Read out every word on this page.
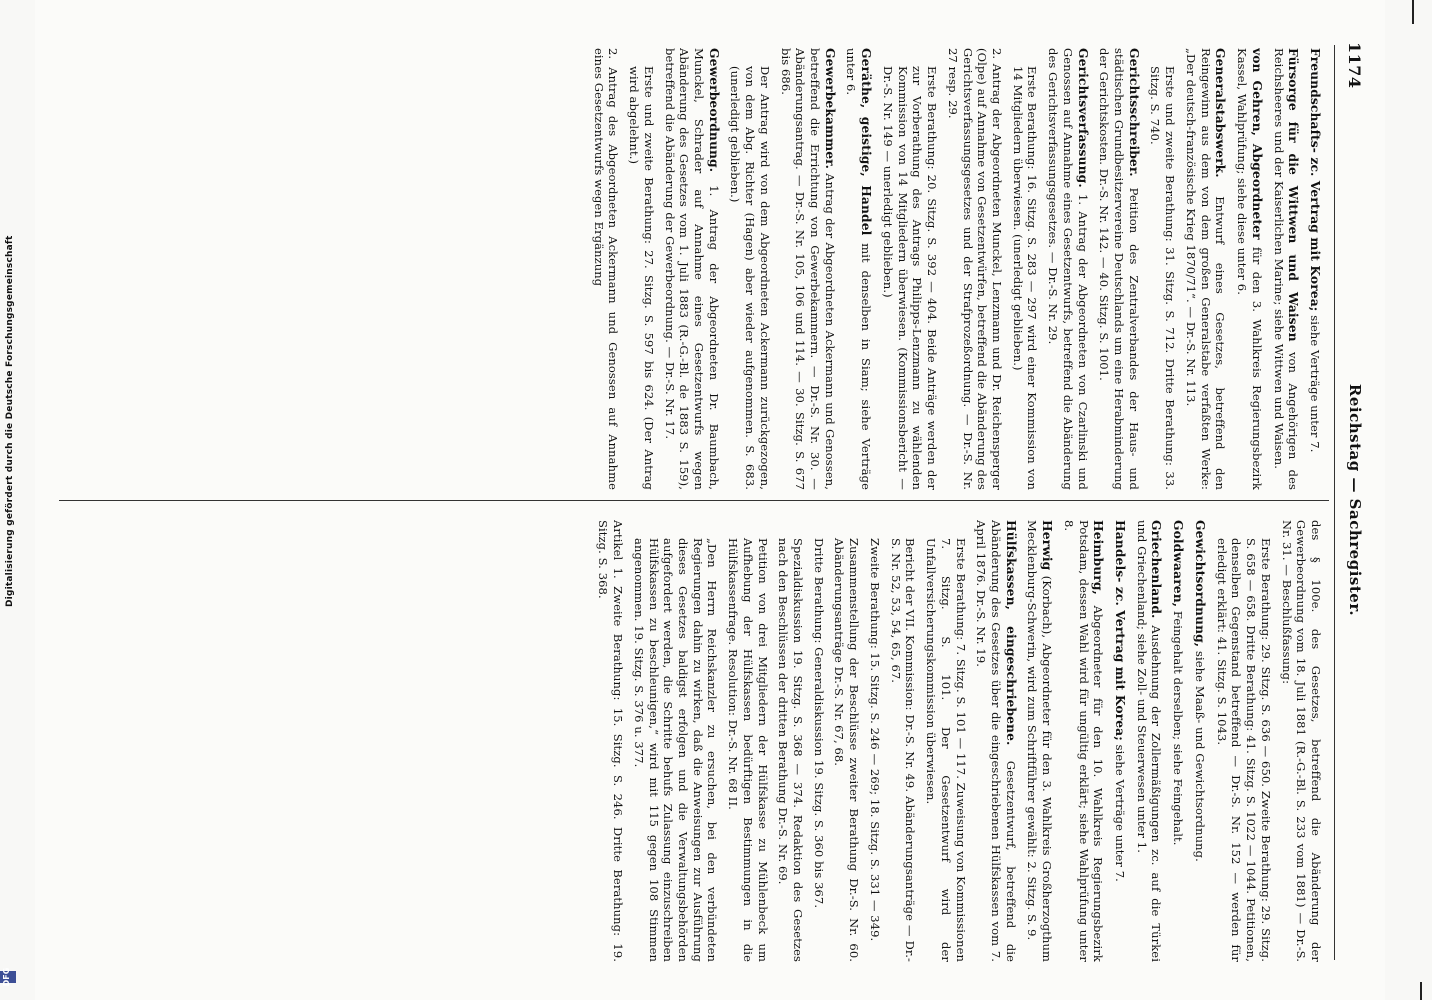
1174
Reichstag — Sachregister.

Freundschafts- zc. Vertrag mit Korea; siehe Verträge unter 7.

Fürsorge für die Wittwen und Waisen von Angehörigen des Reichsheeres und der Kaiserlichen Marine; siehe Wittwen und Waisen.

von Gehren, Abgeordneter für den 3. Wahlkreis Regierungsbezirk Kassel, Wahlprüfung; siehe diese unter 6.

Generalstabswerk. Entwurf eines Gesetzes, betreffend den Reingewinn aus dem von dem großen Generalstabe verfaßten Werke: „Der deutsch-französische Krieg 1870/71“. — Dr.-S. Nr. 113.

Erste und zweite Berathung: 31. Sitzg. S. 712. Dritte Berathung: 33. Sitzg. S. 740.

Gerichtsschreiber. Petition des Zentralverbandes der Haus- und städtischen Grundbesitzervereine Deutschlands um eine Herabminderung der Gerichtskosten. Dr.-S. Nr. 142. — 40. Sitzg. S. 1001.

Gerichtsverfassung. 1. Antrag der Abgeordneten von Czarlinski und Genossen auf Annahme eines Gesetzentwurfs, betreffend die Abänderung des Gerichtsverfassungsgesetzes. — Dr.-S. Nr. 29.

Erste Berathung: 16. Sitzg. S. 283 — 297 wird einer Kommission von 14 Mitgliedern überwiesen. (unerledigt geblieben.)

2. Antrag der Abgeordneten Munckel, Lenzmann und Dr. Reichensperger (Olpe) auf Annahme von Gesetzentwürfen, betreffend die Abänderung des Gerichtsverfassungsgesetzes und der Strafprozeßordnung. — Dr.-S. Nr. 27 resp. 29.

Erste Berathung: 20. Sitzg. S. 392 — 404. Beide Anträge werden der zur Vorberathung des Antrags Philipps-Lenzmann zu wählenden Kommission von 14 Mitgliedern überwiesen. (Kommissionsbericht — Dr.-S. Nr. 149 — unerledigt geblieben.)

Geräthe, geistige, Handel mit denselben in Siam; siehe Verträge unter 6.

Gewerbekammer. Antrag der Abgeordneten Ackermann und Genossen, betreffend die Errichtung von Gewerbekammern. — Dr.-S. Nr. 30. — Abänderungsantrag. — Dr.-S. Nr. 105, 106 und 114. — 30. Sitzg. S. 677 bis 686.

Der Antrag wird von dem Abgeordneten Ackermann zurückgezogen, von dem Abg. Richter (Hagen) aber wieder aufgenommen. S. 683. (unerledigt geblieben.)

Gewerbeordnung. 1. Antrag der Abgeordneten Dr. Baumbach, Munckel, Schrader auf Annahme eines Gesetzentwurfs wegen Abänderung des Gesetzes vom 1. Juli 1883 (R.-G.-Bl. de 1883 S. 159), betreffend die Abänderung der Gewerbeordnung. — Dr.-S. Nr. 17.

Erste und zweite Berathung: 27. Sitzg. S. 597 bis 624. (Der Antrag wird abgelehnt.)

2. Antrag des Abgeordneten Ackermann und Genossen auf Annahme eines Gesetzentwurfs wegen Ergänzung

des § 100e. des Gesetzes, betreffend die Abänderung der Gewerbeordnung vom 18. Juli 1881 (R.-G.-Bl. S. 233 vom 1881) — Dr.-S. Nr. 31. — Beschlußfassung:

Erste Berathung: 29. Sitzg. S. 636 — 650. Zweite Berathung: 29. Sitzg. S. 658 — 658. Dritte Berathung: 41. Sitzg. S. 1022 — 1044. Petitionen, denselben Gegenstand betreffend — Dr.-S. Nr. 152 — werden für erledigt erklärt: 41. Sitzg. S. 1043.

Gewichtsordnung, siehe Maaß- und Gewichtsordnung.

Goldwaaren, Feingehalt derselben; siehe Feingehalt.

Griechenland. Ausdehnung der Zollermäßigungen zc. auf die Türkei und Griechenland; siehe Zoll- und Steuerwesen unter 1.

Handels- zc. Vertrag mit Korea; siehe Verträge unter 7.

Heimburg, Abgeordneter für den 10. Wahlkreis Regierungsbezirk Potsdam, dessen Wahl wird für ungültig erklärt; siehe Wahlprüfung unter 8.

Herwig (Korbach), Abgeordneter für den 3. Wahlkreis Großherzogthum Mecklenburg-Schwerin, wird zum Schriftführer gewählt: 2. Sitzg. S. 9.

Hülfskassen, eingeschriebene. Gesetzentwurf, betreffend die Abänderung des Gesetzes über die eingeschriebenen Hülfskassen vom 7. April 1876. Dr.-S. Nr. 19.

Erste Berathung: 7. Sitzg. S. 101 — 117. Zuweisung von Kommissionen 7. Sitzg. S. 101. Der Gesetzentwurf wird der Unfallversicherungskommission überwiesen.

Bericht der VII. Kommission: Dr.-S. Nr. 49. Abänderungsanträge — Dr.-S. Nr. 52, 53, 54, 65, 67.

Zweite Berathung: 15. Sitzg. S. 246 — 269; 18. Sitzg. S. 331 — 349.

Zusammenstellung der Beschlüsse zweiter Berathung Dr.-S. Nr. 60. Abänderungsanträge Dr.-S. Nr. 67, 68.

Dritte Berathung: Generaldiskussion 19. Sitzg. S. 360 bis 367.

Spezialdiskussion 19. Sitzg. S. 368 — 374. Redaktion des Gesetzes nach den Beschlüssen der dritten Berathung Dr.-S. Nr. 69.

Petition von drei Mitgliedern der Hülfskasse zu Mühlenbeck um Aufhebung der Hülfskassen bedürftigen Bestimmungen in die Hülfskassenfrage. Resolution: Dr.-S. Nr. 68 II.

„Den Herrn Reichskanzler zu ersuchen, bei den verbündeten Regierungen dahin zu wirken, daß die Anweisungen zur Ausführung dieses Gesetzes baldigst erfolgen und die Verwaltungsbehörden aufgefordert werden, die Schritte behufs Zulassung einzuschreiben Hülfskassen zu beschleunigen,“ wird mit 115 gegen 108 Stimmen angenommen. 19. Sitzg. S. 376 u. 377.

Artikel 1. Zweite Berathung: 15. Sitzg. S. 246. Dritte Berathung: 19. Sitzg. S. 368.

Digitalisierung gefördert durch die Deutsche Forschungsgemeinschaft
DFG
